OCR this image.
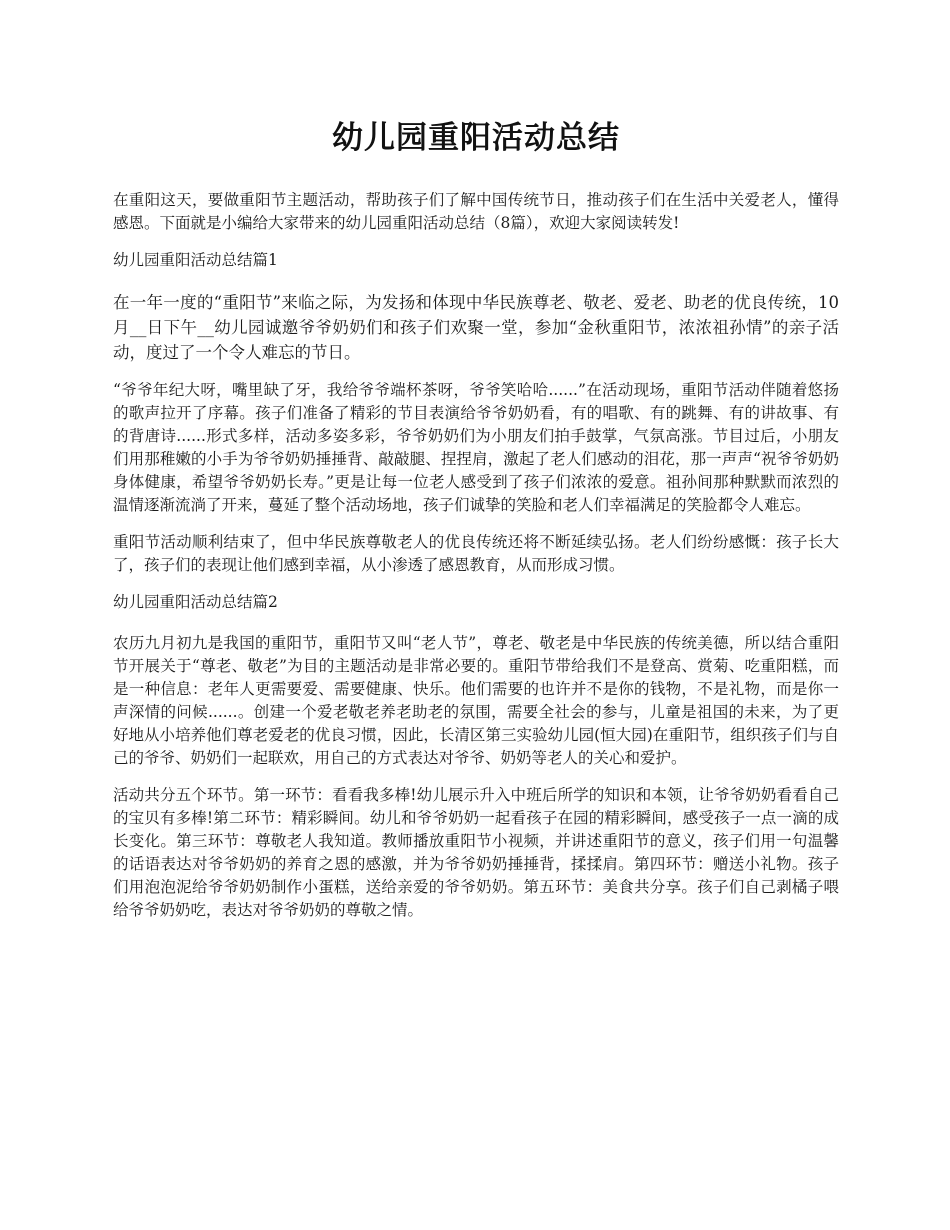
幼儿园重阳活动总结

在重阳这天，要做重阳节主题活动，帮助孩子们了解中国传统节日，推动孩子们在生活中关爱老人，懂得感恩。下面就是小编给大家带来的幼儿园重阳活动总结（8篇），欢迎大家阅读转发!

幼儿园重阳活动总结篇1

在一年一度的“重阳节”来临之际，为发扬和体现中华民族尊老、敬老、爱老、助老的优良传统，10月__日下午__幼儿园诚邀爷爷奶奶们和孩子们欢聚一堂，参加“金秋重阳节，浓浓祖孙情”的亲子活动，度过了一个令人难忘的节日。

“爷爷年纪大呀，嘴里缺了牙，我给爷爷端杯茶呀，爷爷笑哈哈......”在活动现场，重阳节活动伴随着悠扬的歌声拉开了序幕。孩子们准备了精彩的节目表演给爷爷奶奶看，有的唱歌、有的跳舞、有的讲故事、有的背唐诗......形式多样，活动多姿多彩，爷爷奶奶们为小朋友们拍手鼓掌，气氛高涨。节目过后，小朋友们用那稚嫩的小手为爷爷奶奶捶捶背、敲敲腿、捏捏肩，激起了老人们感动的泪花，那一声声“祝爷爷奶奶身体健康，希望爷爷奶奶长寿。”更是让每一位老人感受到了孩子们浓浓的爱意。祖孙间那种默默而浓烈的温情逐渐流淌了开来，蔓延了整个活动场地，孩子们诚挚的笑脸和老人们幸福满足的笑脸都令人难忘。

重阳节活动顺利结束了，但中华民族尊敬老人的优良传统还将不断延续弘扬。老人们纷纷感慨：孩子长大了，孩子们的表现让他们感到幸福，从小渗透了感恩教育，从而形成习惯。

幼儿园重阳活动总结篇2

农历九月初九是我国的重阳节，重阳节又叫“老人节”，尊老、敬老是中华民族的传统美德，所以结合重阳节开展关于“尊老、敬老”为目的主题活动是非常必要的。重阳节带给我们不是登高、赏菊、吃重阳糕，而是一种信息：老年人更需要爱、需要健康、快乐。他们需要的也许并不是你的钱物，不是礼物，而是你一声深情的问候......。创建一个爱老敬老养老助老的氛围，需要全社会的参与，儿童是祖国的未来，为了更好地从小培养他们尊老爱老的优良习惯，因此，长清区第三实验幼儿园(恒大园)在重阳节，组织孩子们与自己的爷爷、奶奶们一起联欢，用自己的方式表达对爷爷、奶奶等老人的关心和爱护。

活动共分五个环节。第一环节：看看我多棒!幼儿展示升入中班后所学的知识和本领，让爷爷奶奶看看自己的宝贝有多棒!第二环节：精彩瞬间。幼儿和爷爷奶奶一起看孩子在园的精彩瞬间，感受孩子一点一滴的成长变化。第三环节：尊敬老人我知道。教师播放重阳节小视频，并讲述重阳节的意义，孩子们用一句温馨的话语表达对爷爷奶奶的养育之恩的感激，并为爷爷奶奶捶捶背，揉揉肩。第四环节：赠送小礼物。孩子们用泡泡泥给爷爷奶奶制作小蛋糕，送给亲爱的爷爷奶奶。第五环节：美食共分享。孩子们自己剥橘子喂给爷爷奶奶吃，表达对爷爷奶奶的尊敬之情。
